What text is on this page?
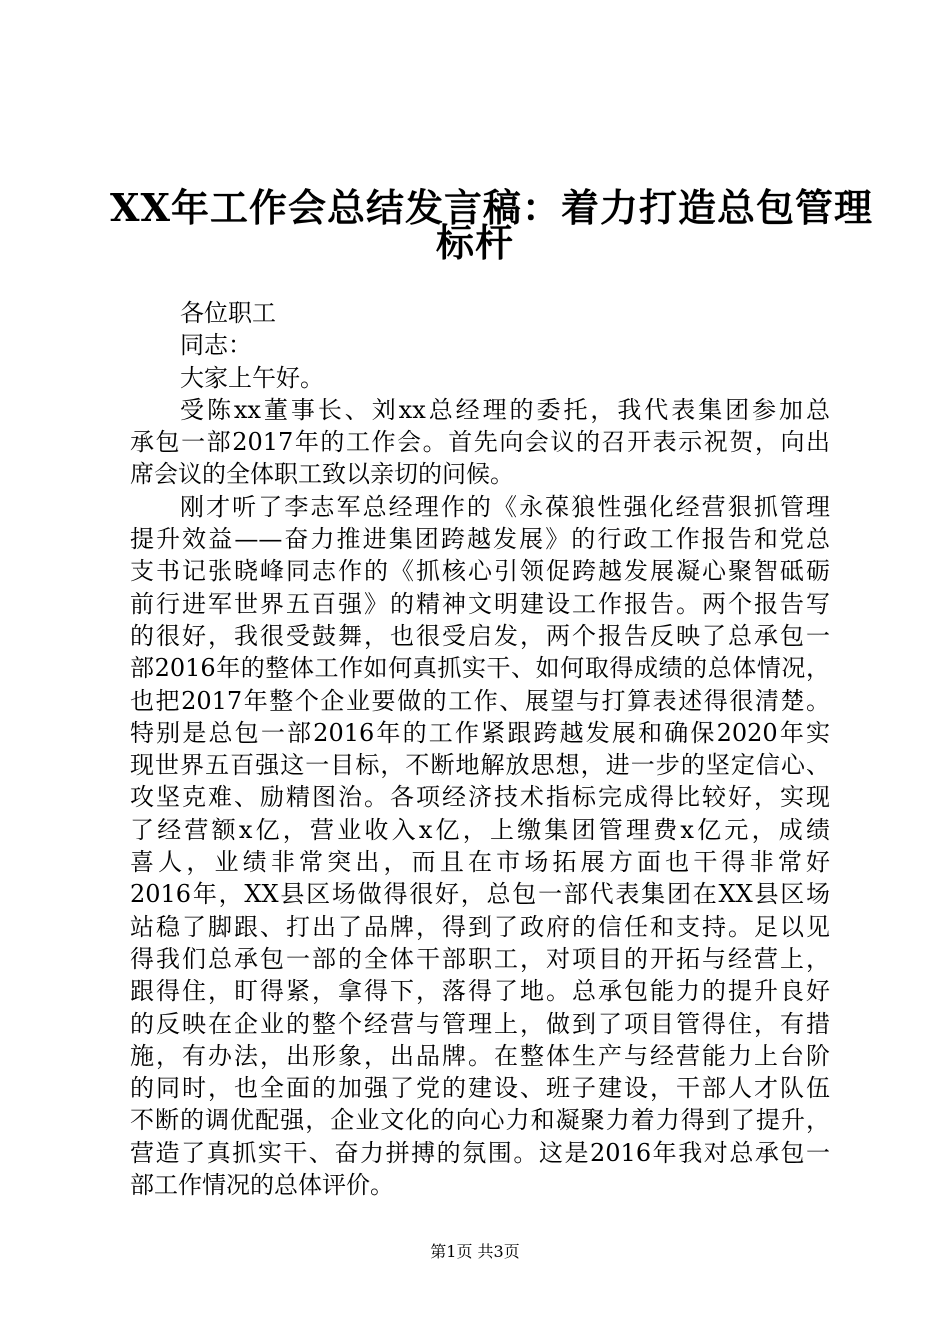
XX年工作会总结发言稿：着力打造总包管理
标杆
各位职工
同志：
大家上午好。
受陈xx董事长、刘xx总经理的委托，我代表集团参加总
承包一部2017年的工作会。首先向会议的召开表示祝贺，向出
席会议的全体职工致以亲切的问候。
刚才听了李志军总经理作的《永葆狼性强化经营狠抓管理
提升效益——奋力推进集团跨越发展》的行政工作报告和党总
支书记张晓峰同志作的《抓核心引领促跨越发展凝心聚智砥砺
前行进军世界五百强》的精神文明建设工作报告。两个报告写
的很好，我很受鼓舞，也很受启发，两个报告反映了总承包一
部2016年的整体工作如何真抓实干、如何取得成绩的总体情况，
也把2017年整个企业要做的工作、展望与打算表述得很清楚。
特别是总包一部2016年的工作紧跟跨越发展和确保2020年实
现世界五百强这一目标，不断地解放思想，进一步的坚定信心、
攻坚克难、励精图治。各项经济技术指标完成得比较好，实现
了经营额x亿，营业收入x亿，上缴集团管理费x亿元，成绩
喜人，业绩非常突出，而且在市场拓展方面也干得非常好
2016年，XX县区场做得很好，总包一部代表集团在XX县区场
站稳了脚跟、打出了品牌，得到了政府的信任和支持。足以见
得我们总承包一部的全体干部职工，对项目的开拓与经营上，
跟得住，盯得紧，拿得下，落得了地。总承包能力的提升良好
的反映在企业的整个经营与管理上，做到了项目管得住，有措
施，有办法，出形象，出品牌。在整体生产与经营能力上台阶
的同时，也全面的加强了党的建设、班子建设，干部人才队伍
不断的调优配强，企业文化的向心力和凝聚力着力得到了提升，
营造了真抓实干、奋力拼搏的氛围。这是2016年我对总承包一
部工作情况的总体评价。
第1页 共3页
